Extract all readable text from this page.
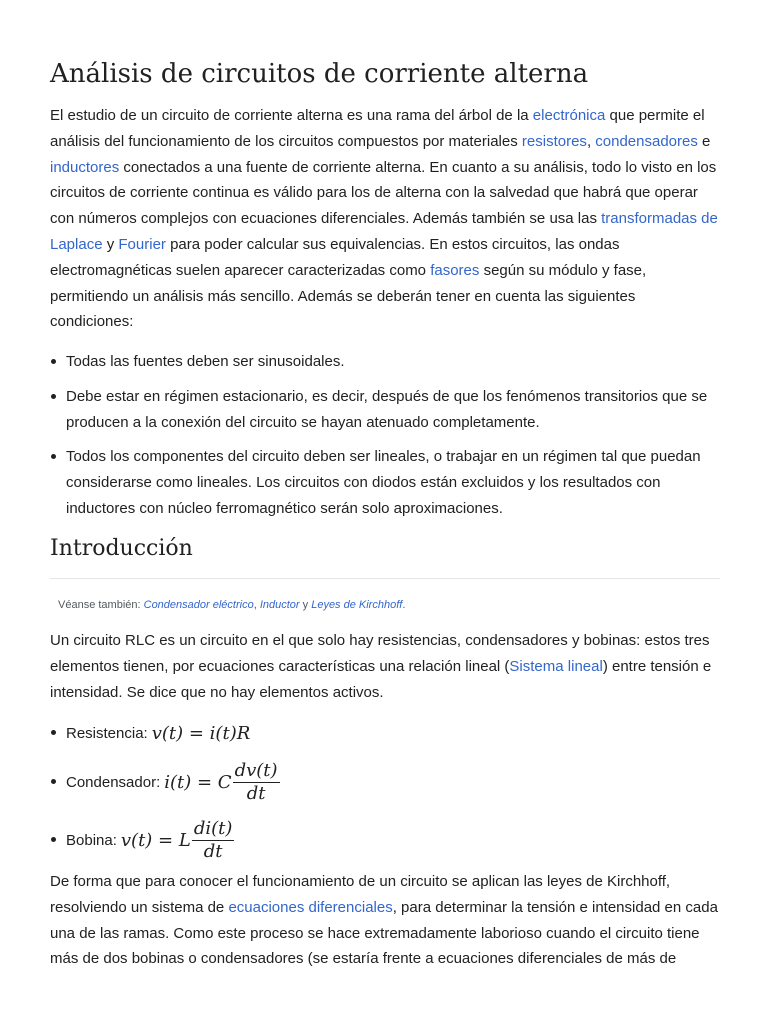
Análisis de circuitos de corriente alterna

El estudio de un circuito de corriente alterna es una rama del árbol de la electrónica que permite el análisis del funcionamiento de los circuitos compuestos por materiales resistores, condensadores e inductores conectados a una fuente de corriente alterna. En cuanto a su análisis, todo lo visto en los circuitos de corriente continua es válido para los de alterna con la salvedad que habrá que operar con números complejos con ecuaciones diferenciales. Además también se usa las transformadas de Laplace y Fourier para poder calcular sus equivalencias. En estos circuitos, las ondas electromagnéticas suelen aparecer caracterizadas como fasores según su módulo y fase, permitiendo un análisis más sencillo. Además se deberán tener en cuenta las siguientes condiciones:

Todas las fuentes deben ser sinusoidales.
Debe estar en régimen estacionario, es decir, después de que los fenómenos transitorios que se producen a la conexión del circuito se hayan atenuado completamente.
Todos los componentes del circuito deben ser lineales, o trabajar en un régimen tal que puedan considerarse como lineales. Los circuitos con diodos están excluidos y los resultados con inductores con núcleo ferromagnético serán solo aproximaciones.
Introducción
Véanse también: Condensador eléctrico, Inductor y Leyes de Kirchhoff.

Un circuito RLC es un circuito en el que solo hay resistencias, condensadores y bobinas: estos tres elementos tienen, por ecuaciones características una relación lineal (Sistema lineal) entre tensión e intensidad. Se dice que no hay elementos activos.

Resistencia: v(t) = i(t)R
Condensador: i(t) = C $\frac{dv(t)}{dt}$
Bobina: v(t) = L $\frac{di(t)}{dt}$

De forma que para conocer el funcionamiento de un circuito se aplican las leyes de Kirchhoff, resolviendo un sistema de ecuaciones diferenciales, para determinar la tensión e intensidad en cada una de las ramas. Como este proceso se hace extremadamente laborioso cuando el circuito tiene más de dos bobinas o condensadores (se estaría frente a ecuaciones diferenciales de más de
